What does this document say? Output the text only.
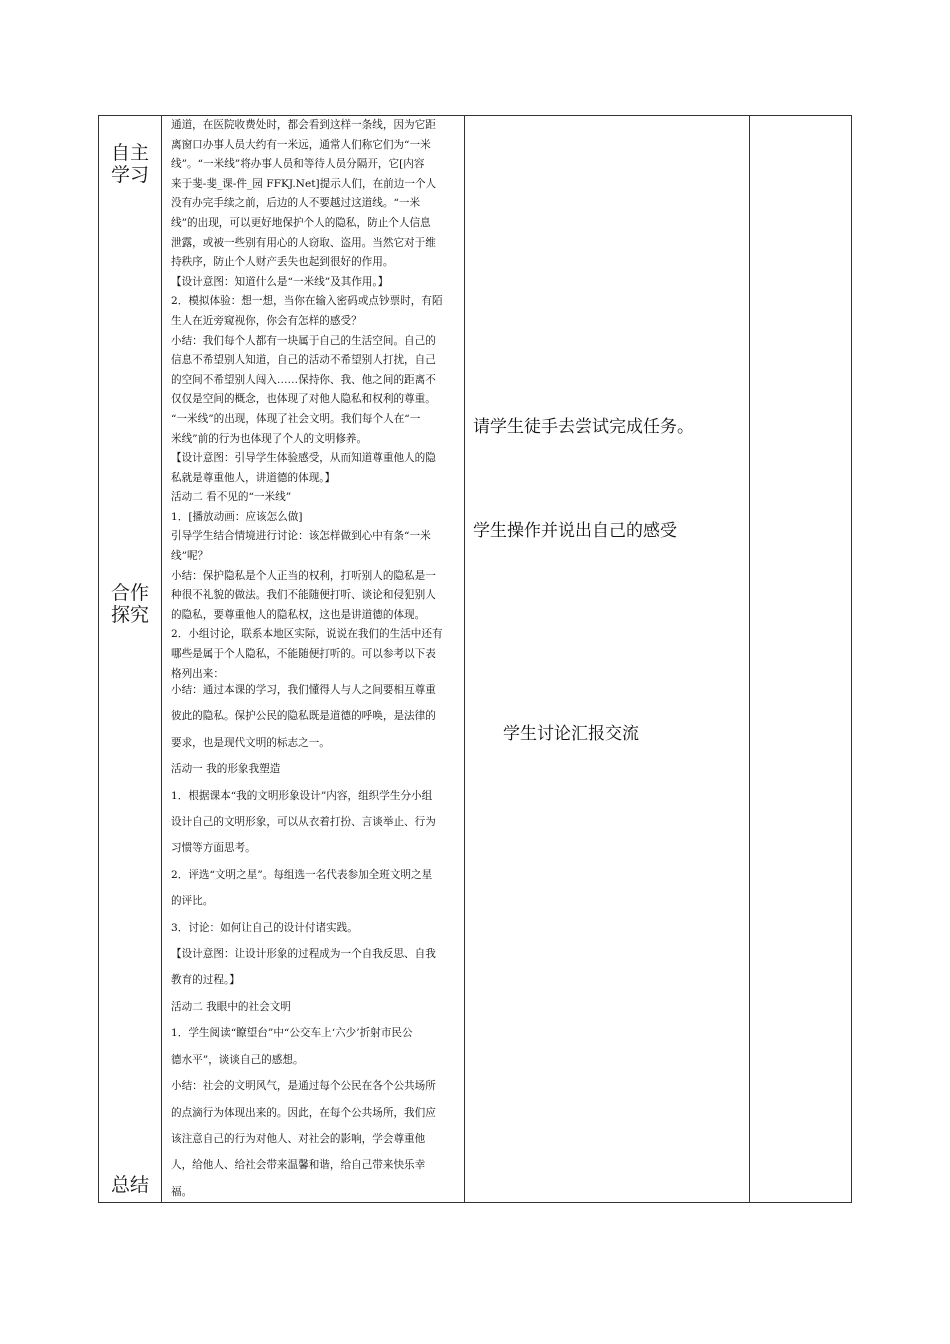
自主
学习
合作
探究
总结

通道，在医院收费处时，都会看到这样一条线，因为它距

离窗口办事人员大约有一米远，通常人们称它们为“一米

线”。“一米线”将办事人员和等待人员分隔开，它[内容

来于斐-斐_课-件_园 FFKJ.Net]提示人们，在前边一个人

没有办完手续之前，后边的人不要越过这道线。“一米

线”的出现，可以更好地保护个人的隐私，防止个人信息

泄露，或被一些别有用心的人窃取、盗用。当然它对于维

持秩序，防止个人财产丢失也起到很好的作用。

【设计意图：知道什么是“一米线”及其作用。】

2．模拟体验：想一想，当你在输入密码或点钞票时，有陌

生人在近旁窥视你，你会有怎样的感受？

小结：我们每个人都有一块属于自己的生活空间。自己的

信息不希望别人知道，自己的活动不希望别人打扰，自己

的空间不希望别人闯入……保持你、我、他之间的距离不

仅仅是空间的概念，也体现了对他人隐私和权利的尊重。

“一米线”的出现，体现了社会文明。我们每个人在“一

米线”前的行为也体现了个人的文明修养。

【设计意图：引导学生体验感受，从而知道尊重他人的隐

私就是尊重他人，讲道德的体现。】

活动二 看不见的“一米线”

1．[播放动画：应该怎么做]

引导学生结合情境进行讨论：该怎样做到心中有条“一米

线”呢？

小结：保护隐私是个人正当的权利，打听别人的隐私是一

种很不礼貌的做法。我们不能随便打听、谈论和侵犯别人

的隐私，要尊重他人的隐私权，这也是讲道德的体现。

2．小组讨论，联系本地区实际，说说在我们的生活中还有

哪些是属于个人隐私，不能随便打听的。可以参考以下表

格列出来：

小结：通过本课的学习，我们懂得人与人之间要相互尊重

彼此的隐私。保护公民的隐私既是道德的呼唤，是法律的

要求，也是现代文明的标志之一。

活动一 我的形象我塑造

1．根据课本“我的文明形象设计”内容，组织学生分小组

设计自己的文明形象，可以从衣着打扮、言谈举止、行为

习惯等方面思考。

2．评选“文明之星”。每组选一名代表参加全班文明之星

的评比。

3．讨论：如何让自己的设计付诸实践。

【设计意图：让设计形象的过程成为一个自我反思、自我

教育的过程。】

活动二 我眼中的社会文明

1．学生阅读“瞭望台”中“公交车上‘六少’折射市民公

德水平”，谈谈自己的感想。

小结：社会的文明风气，是通过每个公民在各个公共场所

的点滴行为体现出来的。因此，在每个公共场所，我们应

该注意自己的行为对他人、对社会的影响，学会尊重他

人，给他人、给社会带来温馨和谐，给自己带来快乐幸

福。

请学生徒手去尝试完成任务。
学生操作并说出自己的感受
学生讨论汇报交流
